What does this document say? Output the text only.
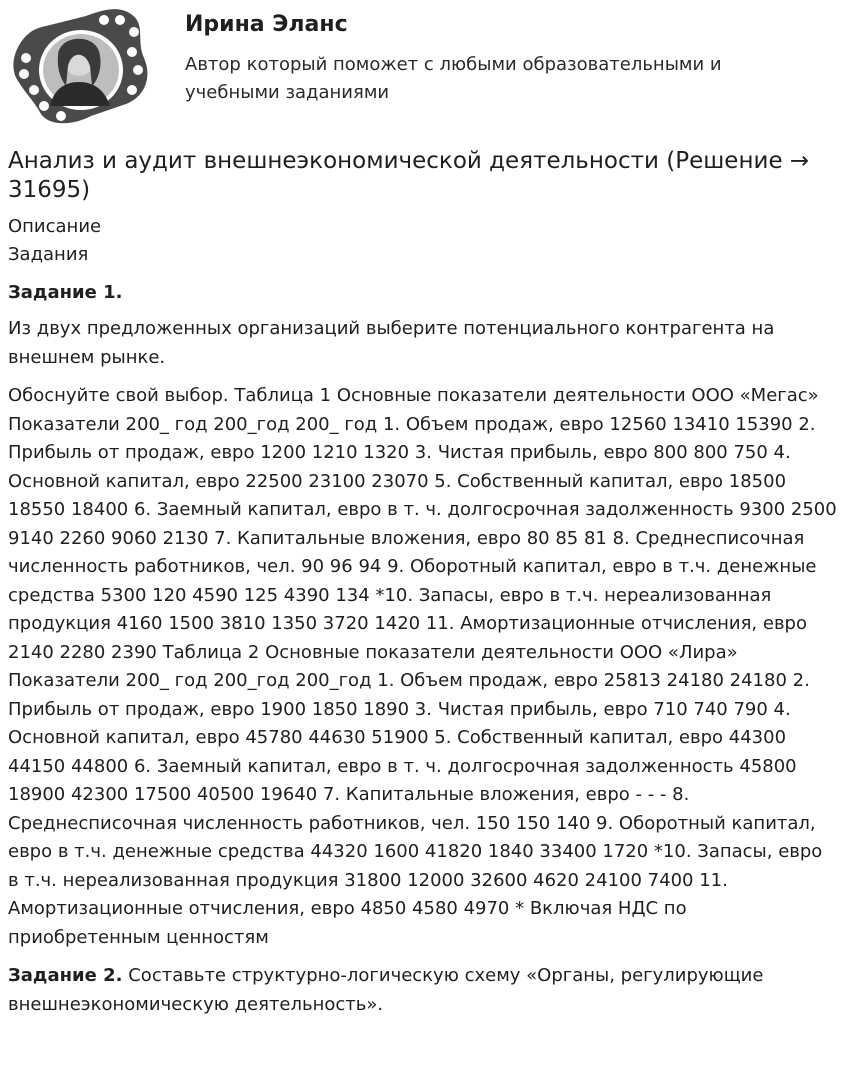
Ирина Эланс

Автор который поможет с любыми образовательными и учебными заданиями

Анализ и аудит внешнеэкономической деятельности (Решение → 31695)
Описание
Задания
Задание 1.

Из двух предложенных организаций выберите потенциального контрагента на внешнем рынке.

Обоснуйте свой выбор. Таблица 1 Основные показатели деятельности ООО «Мегас» Показатели 200_ год 200_год 200_ год 1. Объем продаж, евро 12560 13410 15390 2. Прибыль от продаж, евро 1200 1210 1320 3. Чистая прибыль, евро 800 800 750 4. Основной капитал, евро 22500 23100 23070 5. Собственный капитал, евро 18500 18550 18400 6. Заемный капитал, евро в т. ч. долгосрочная задолженность 9300 2500 9140 2260 9060 2130 7. Капитальные вложения, евро 80 85 81 8. Среднесписочная численность работников, чел. 90 96 94 9. Оборотный капитал, евро в т.ч. денежные средства 5300 120 4590 125 4390 134 *10. Запасы, евро в т.ч. нереализованная продукция 4160 1500 3810 1350 3720 1420 11. Амортизационные отчисления, евро 2140 2280 2390 Таблица 2 Основные показатели деятельности ООО «Лира» Показатели 200_ год 200_год 200_год 1. Объем продаж, евро 25813 24180 24180 2. Прибыль от продаж, евро 1900 1850 1890 3. Чистая прибыль, евро 710 740 790 4. Основной капитал, евро 45780 44630 51900 5. Собственный капитал, евро 44300 44150 44800 6. Заемный капитал, евро в т. ч. долгосрочная задолженность 45800 18900 42300 17500 40500 19640 7. Капитальные вложения, евро - - - 8. Среднесписочная численность работников, чел. 150 150 140 9. Оборотный капитал, евро в т.ч. денежные средства 44320 1600 41820 1840 33400 1720 *10. Запасы, евро в т.ч. нереализованная продукция 31800 12000 32600 4620 24100 7400 11. Амортизационные отчисления, евро 4850 4580 4970 * Включая НДС по приобретенным ценностям

Задание 2. Составьте структурно-логическую схему «Органы, регулирующие внешнеэкономическую деятельность».
